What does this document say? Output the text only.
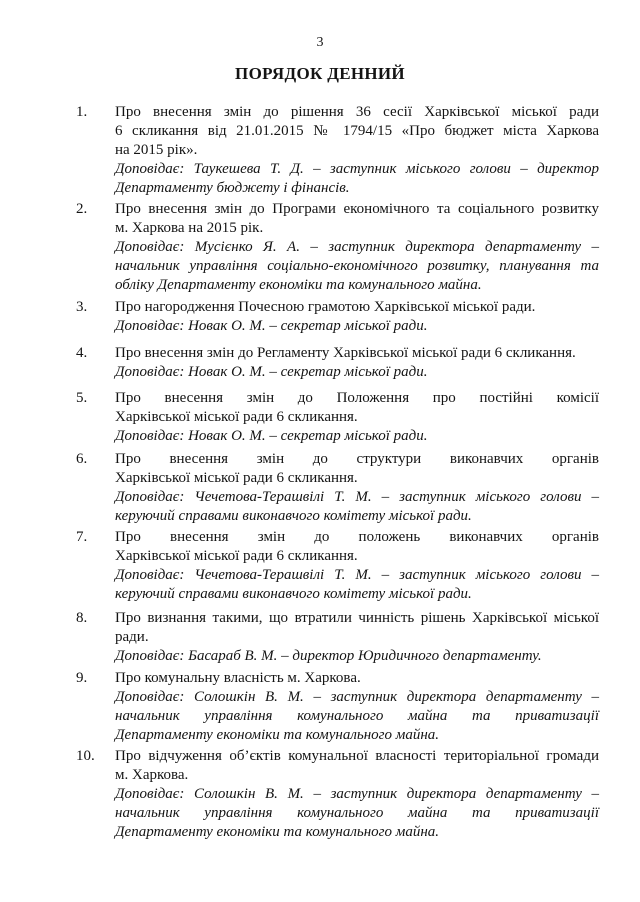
3
ПОРЯДОК ДЕННИЙ
1. Про внесення змін до рішення 36 сесії Харківської міської ради
6 скликання від 21.01.2015 № 1794/15 «Про бюджет міста Харкова
на 2015 рік».
Доповідає: Таукешева Т. Д. – заступник міського голови – директор
Департаменту бюджету і фінансів.
2. Про внесення змін до Програми економічного та соціального розвитку
м. Харкова на 2015 рік.
Доповідає: Мусієнко Я. А. – заступник директора департаменту –
начальник управління соціально-економічного розвитку, планування та
обліку Департаменту економіки та комунального майна.
3. Про нагородження Почесною грамотою Харківської міської ради.
Доповідає: Новак О. М. – секретар міської ради.
4. Про внесення змін до Регламенту Харківської міської ради 6 скликання.
Доповідає: Новак О. М. – секретар міської ради.
5. Про внесення змін до Положення про постійні комісії
Харківської міської ради 6 скликання.
Доповідає: Новак О. М. – секретар міської ради.
6. Про внесення змін до структури виконавчих органів
Харківської міської ради 6 скликання.
Доповідає: Чечетова-Терашвілі Т. М. – заступник міського голови –
керуючий справами виконавчого комітету міської ради.
7. Про внесення змін до положень виконавчих органів
Харківської міської ради 6 скликання.
Доповідає: Чечетова-Терашвілі Т. М. – заступник міського голови –
керуючий справами виконавчого комітету міської ради.
8. Про визнання такими, що втратили чинність рішень Харківської міської
ради.
Доповідає: Басараб В. М. – директор Юридичного департаменту.
9. Про комунальну власність м. Харкова.
Доповідає: Солошкін В. М. – заступник директора департаменту –
начальник управління комунального майна та приватизації
Департаменту економіки та комунального майна.
10. Про відчуження об’єктів комунальної власності територіальної громади
м. Харкова.
Доповідає: Солошкін В. М. – заступник директора департаменту –
начальник управління комунального майна та приватизації
Департаменту економіки та комунального майна.
